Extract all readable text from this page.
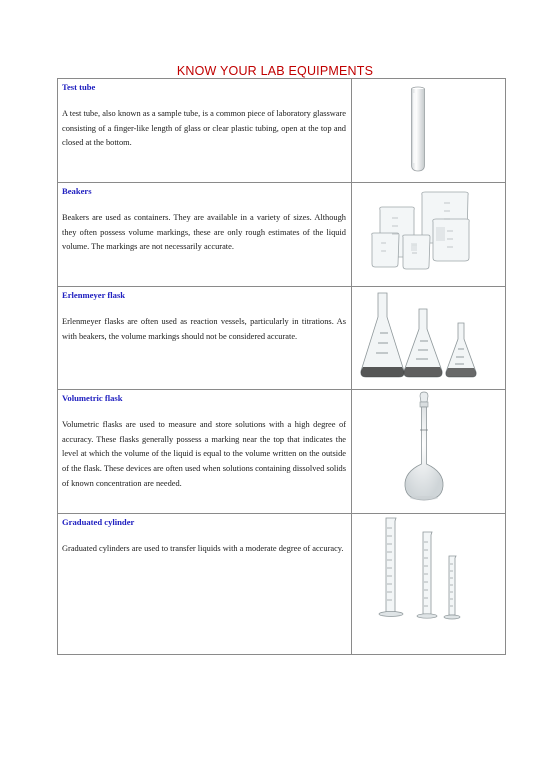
KNOW YOUR LAB EQUIPMENTS

Test tube

A test tube, also known as a sample tube, is a common piece of laboratory glassware consisting of a finger-like length of glass or clear plastic tubing, open at the top and closed at the bottom.

Beakers

Beakers are used as containers. They are available in a variety of sizes. Although they often possess volume markings, these are only rough estimates of the liquid volume. The markings are not necessarily accurate.

Erlenmeyer flask

Erlenmeyer flasks are often used as reaction vessels, particularly in titrations. As with beakers, the volume markings should not be considered accurate.

Volumetric flask

Volumetric flasks are used to measure and store solutions with a high degree of accuracy. These flasks generally possess a marking near the top that indicates the level at which the volume of the liquid is equal to the volume written on the outside of the flask. These devices are often used when solutions containing dissolved solids of known concentration are needed.

Graduated cylinder

Graduated cylinders are used to transfer liquids with a moderate degree of accuracy.
